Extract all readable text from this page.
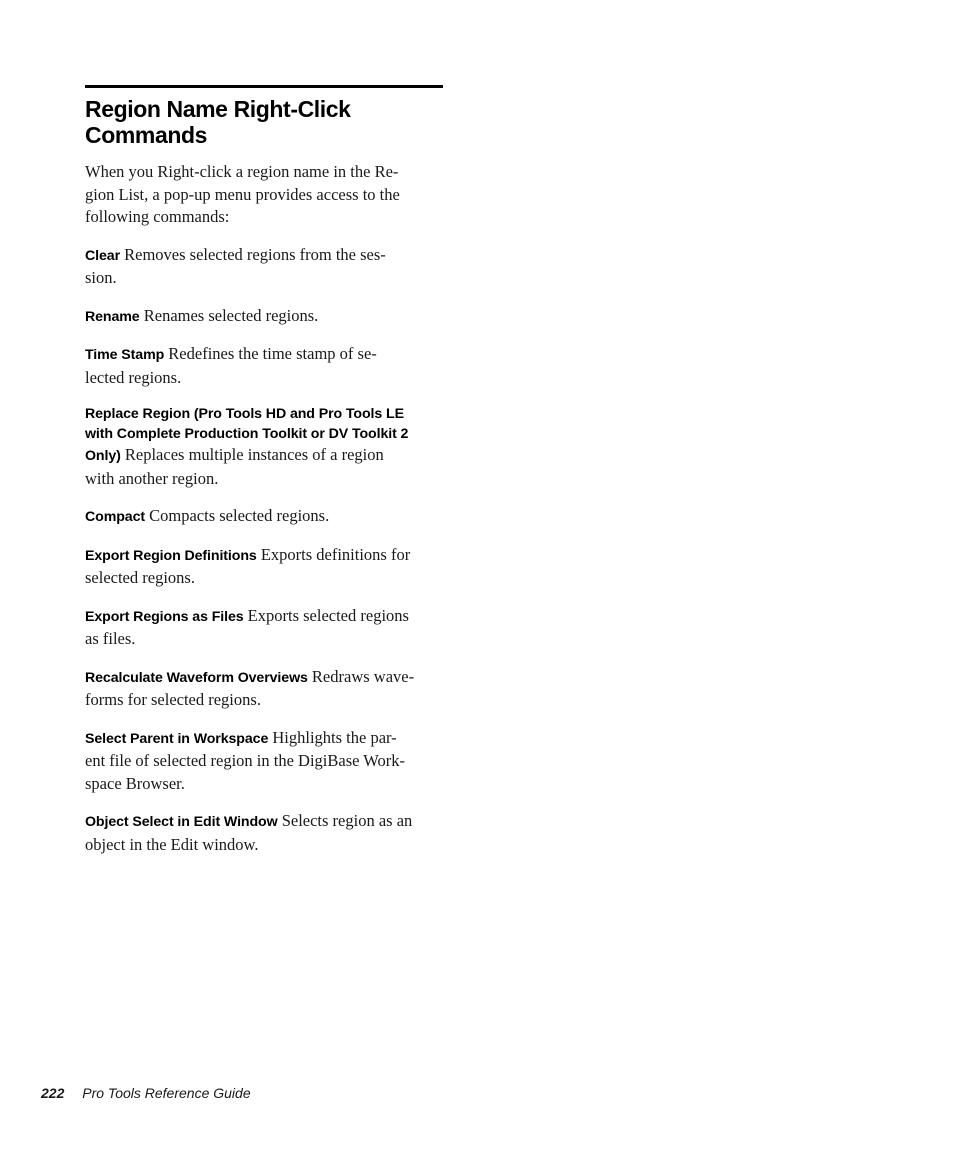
Region Name Right-Click
Commands

When you Right-click a region name in the Re-
gion List, a pop-up menu provides access to the
following commands:

Clear Removes selected regions from the ses-
sion.

Rename Renames selected regions.

Time Stamp Redefines the time stamp of se-
lected regions.

Replace Region (Pro Tools HD and Pro Tools LE
with Complete Production Toolkit or DV Toolkit 2
Only) Replaces multiple instances of a region
with another region.

Compact Compacts selected regions.

Export Region Definitions Exports definitions for
selected regions.

Export Regions as Files Exports selected regions
as files.

Recalculate Waveform Overviews Redraws wave-
forms for selected regions.

Select Parent in Workspace Highlights the par-
ent file of selected region in the DigiBase Work-
space Browser.

Object Select in Edit Window Selects region as an
object in the Edit window.

222 Pro Tools Reference Guide
